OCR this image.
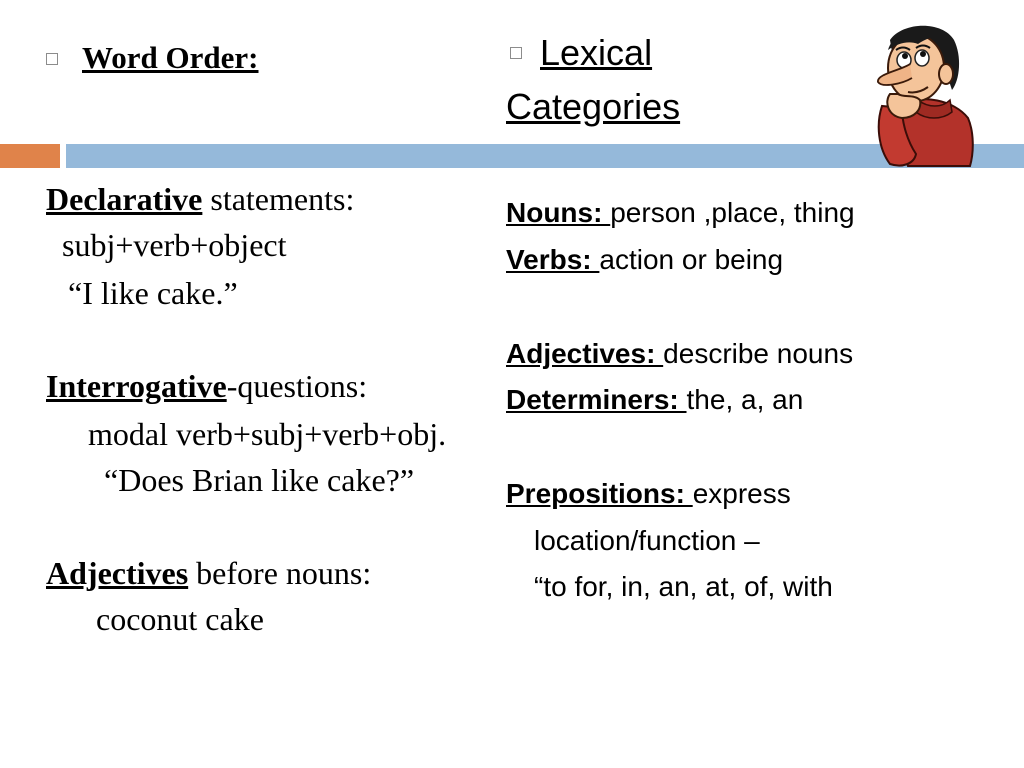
Word Order:
Declarative statements:
subj+verb+object
“I like cake.”
Interrogative-questions:
modal verb+subj+verb+obj.
“Does Brian like cake?”
Adjectives before nouns:
coconut cake
Lexical
Categories
Nouns: person ,place, thing
Verbs: action or being
Adjectives: describe nouns
Determiners: the, a, an
Prepositions: express
location/function –
“to for, in, an, at, of, with
